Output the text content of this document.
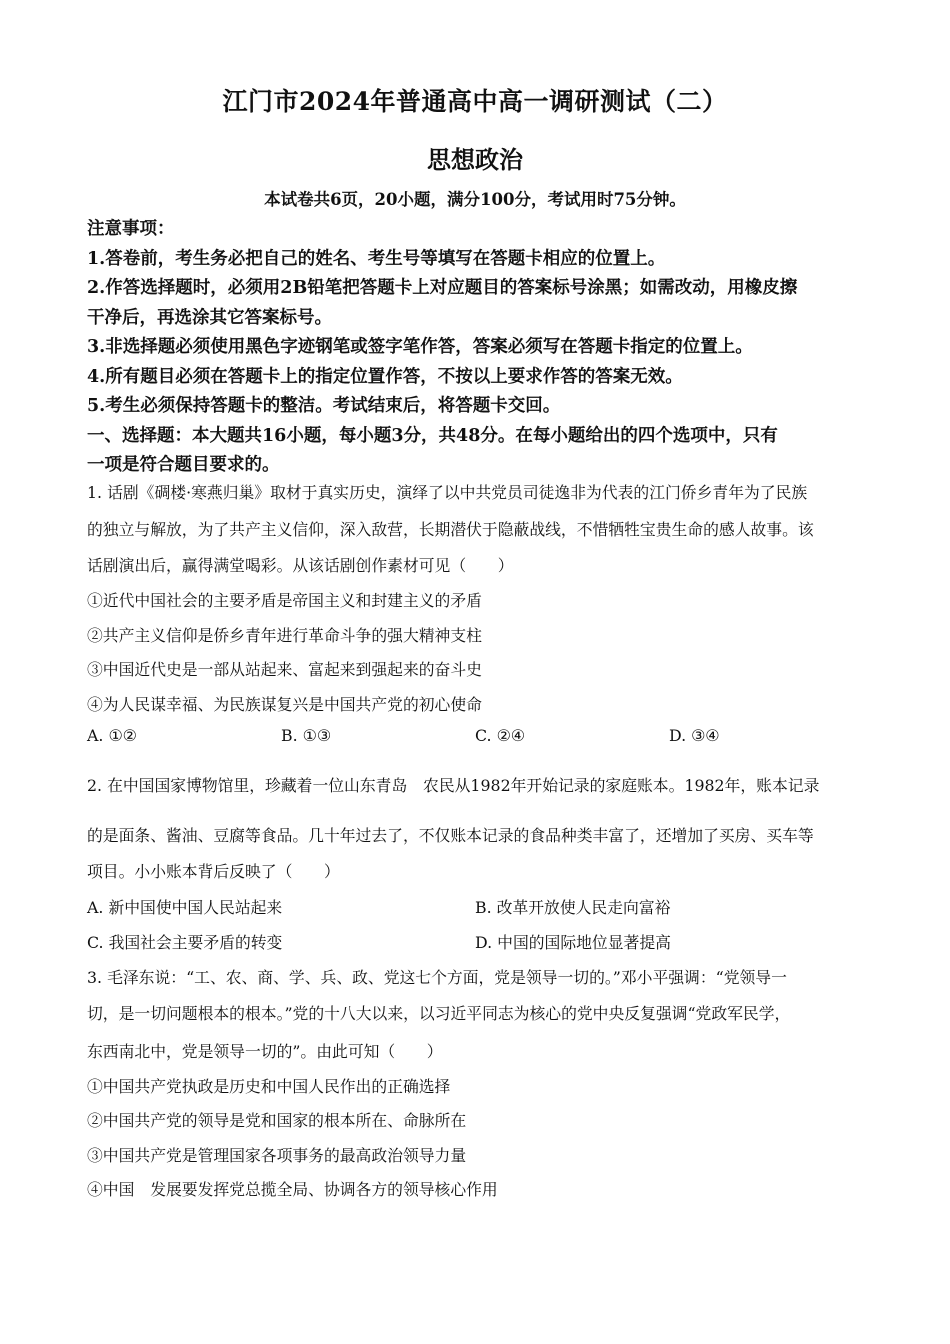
江门市2024年普通高中高一调研测试（二）
思想政治
本试卷共6页，20小题，满分100分，考试用时75分钟。
注意事项：
1.答卷前，考生务必把自己的姓名、考生号等填写在答题卡相应的位置上。
2.作答选择题时，必须用2B铅笔把答题卡上对应题目的答案标号涂黑；如需改动，用橡皮擦
干净后，再选涂其它答案标号。
3.非选择题必须使用黑色字迹钢笔或签字笔作答，答案必须写在答题卡指定的位置上。
4.所有题目必须在答题卡上的指定位置作答，不按以上要求作答的答案无效。
5.考生必须保持答题卡的整洁。考试结束后，将答题卡交回。
一、选择题：本大题共16小题，每小题3分，共48分。在每小题给出的四个选项中，只有
一项是符合题目要求的。
1. 话剧《碉楼·寒燕归巢》取材于真实历史，演绎了以中共党员司徒逸非为代表的江门侨乡青年为了民族
的独立与解放，为了共产主义信仰，深入敌营，长期潜伏于隐蔽战线，不惜牺牲宝贵生命的感人故事。该
话剧演出后，赢得满堂喝彩。从该话剧创作素材可见（　　）
①近代中国社会的主要矛盾是帝国主义和封建主义的矛盾
②共产主义信仰是侨乡青年进行革命斗争的强大精神支柱
③中国近代史是一部从站起来、富起来到强起来的奋斗史
④为人民谋幸福、为民族谋复兴是中国共产党的初心使命
A. ①②	B. ①③	C. ②④	D. ③④
2. 在中国国家博物馆里，珍藏着一位山东青岛　农民从1982年开始记录的家庭账本。1982年，账本记录
的是面条、酱油、豆腐等食品。几十年过去了，不仅账本记录的食品种类丰富了，还增加了买房、买车等
项目。小小账本背后反映了（　　）
A. 新中国使中国人民站起来	B. 改革开放使人民走向富裕
C. 我国社会主要矛盾的转变	D. 中国的国际地位显著提高
3. 毛泽东说：“工、农、商、学、兵、政、党这七个方面，党是领导一切的。”邓小平强调：“党领导一
切，是一切问题根本的根本。”党的十八大以来，以习近平同志为核心的党中央反复强调“党政军民学，
东西南北中，党是领导一切的”。由此可知（　　）
①中国共产党执政是历史和中国人民作出的正确选择
②中国共产党的领导是党和国家的根本所在、命脉所在
③中国共产党是管理国家各项事务的最高政治领导力量
④中国　发展要发挥党总揽全局、协调各方的领导核心作用
